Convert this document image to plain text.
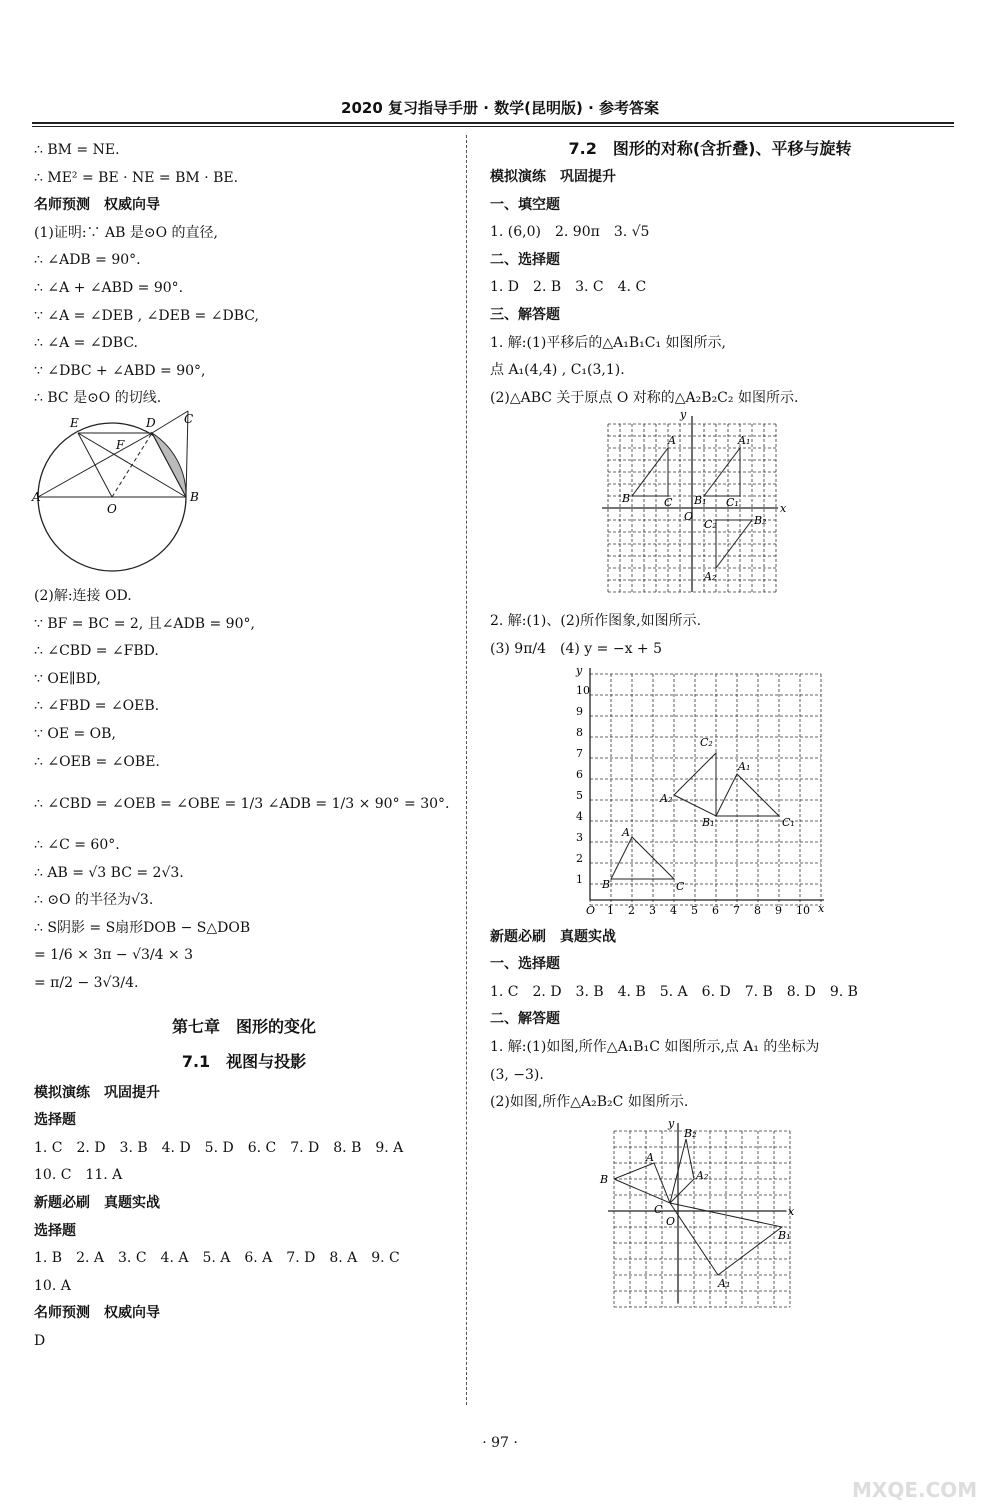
2020 复习指导手册 · 数学(昆明版) · 参考答案
∴ BM = NE.
∴ ME² = BE · NE = BM · BE.
名师预测　权威向导
(1)证明:∵ AB 是⊙O 的直径,
∴ ∠ADB = 90°.
∴ ∠A + ∠ABD = 90°.
∵ ∠A = ∠DEB , ∠DEB = ∠DBC,
∴ ∠A = ∠DBC.
∵ ∠DBC + ∠ABD = 90°,
∴ BC 是⊙O 的切线.
A	B
C
D
E
F
O
(2)解:连接 OD.
∵ BF = BC = 2, 且∠ADB = 90°,
∴ ∠CBD = ∠FBD.
∵ OE∥BD,
∴ ∠FBD = ∠OEB.
∵ OE = OB,
∴ ∠OEB = ∠OBE.
∴ ∠CBD = ∠OEB = ∠OBE = 1/3 ∠ADB = 1/3 × 90° = 30°.
∴ ∠C = 60°.
∴ AB = √3 BC = 2√3.
∴ ⊙O 的半径为√3.
∴ S阴影 = S扇形DOB − S△DOB
= 1/6 × 3π − √3/4 × 3
= π/2 − 3√3/4.
第七章　图形的变化
7.1　视图与投影
模拟演练　巩固提升
选择题
1. C　2. D　3. B　4. D　5. D　6. C　7. D　8. B　9. A
10. C　11. A
新题必刷　真题实战
选择题
1. B　2. A　3. C　4. A　5. A　6. A　7. D　8. A　9. C
10. A
名师预测　权威向导
D
7.2　图形的对称(含折叠)、平移与旋转
模拟演练　巩固提升
一、填空题
1. (6,0)　2. 90π　3. √5
二、选择题
1. D　2. B　3. C　4. C
三、解答题
1. 解:(1)平移后的△A₁B₁C₁ 如图所示,
点 A₁(4,4) , C₁(3,1).
(2)△ABC 关于原点 O 对称的△A₂B₂C₂ 如图所示.
y
x
O
A
B	C
A₁
B₁ C₁
C₂	B₂
A₂
2. 解:(1)、(2)所作图象,如图所示.
(3) 9π/4　(4) y = −x + 5
y
x
1
2
3
4
5
6
7
8
9
10
O 1 2 3 4 5 6 7 8 9 10
A
B	C
C₂
A₁
A₂
B₁	C₁
新题必刷　真题实战
一、选择题
1. C　2. D　3. B　4. B　5. A　6. D　7. B　8. D　9. B
二、解答题
1. 解:(1)如图,所作△A₁B₁C 如图所示,点 A₁ 的坐标为
(3, −3).
(2)如图,所作△A₂B₂C 如图所示.
y
x
O
B
A
C
B₂
A₂
A₁
B₁
· 97 ·
MXQE.COM
